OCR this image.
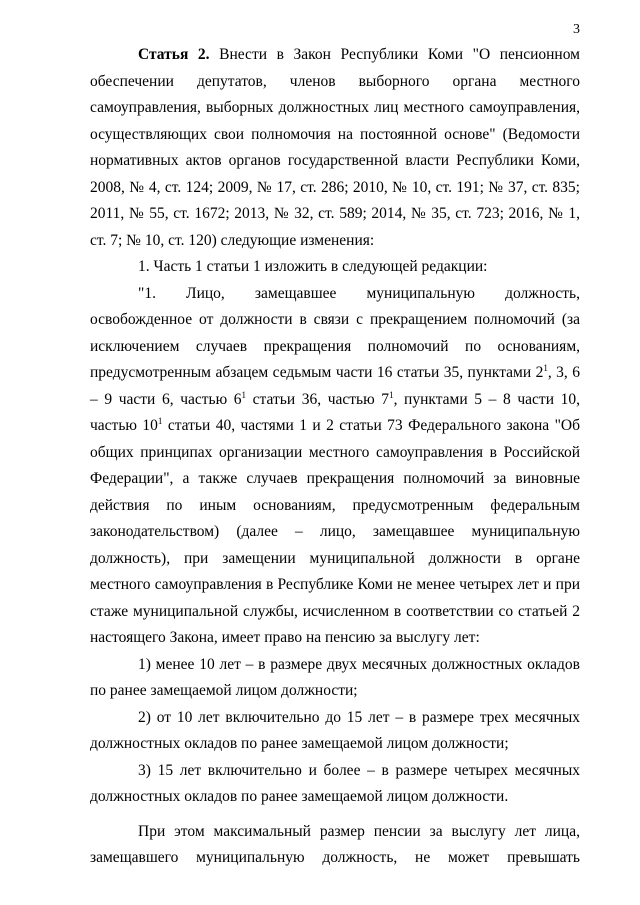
3

Статья 2. Внести в Закон Республики Коми "О пенсионном обеспечении депутатов, членов выборного органа местного самоуправления, выборных должностных лиц местного самоуправления, осуществляющих свои полномочия на постоянной основе" (Ведомости нормативных актов органов государственной власти Республики Коми, 2008, № 4, ст. 124; 2009, № 17, ст. 286; 2010, № 10, ст. 191; № 37, ст. 835; 2011, № 55, ст. 1672; 2013, № 32, ст. 589; 2014, № 35, ст. 723; 2016, № 1, ст. 7; № 10, ст. 120) следующие изменения:

1. Часть 1 статьи 1 изложить в следующей редакции:

"1. Лицо, замещавшее муниципальную должность, освобожденное от должности в связи с прекращением полномочий (за исключением случаев прекращения полномочий по основаниям, предусмотренным абзацем седьмым части 16 статьи 35, пунктами $2^1$, 3, 6 – 9 части 6, частью $6^1$ статьи 36, частью $7^1$, пунктами 5 – 8 части 10, частью $10^1$ статьи 40, частями 1 и 2 статьи 73 Федерального закона "Об общих принципах организации местного самоуправления в Российской Федерации", а также случаев прекращения полномочий за виновные действия по иным основаниям, предусмотренным федеральным законодательством) (далее – лицо, замещавшее муниципальную должность), при замещении муниципальной должности в органе местного самоуправления в Республике Коми не менее четырех лет и при стаже муниципальной службы, исчисленном в соответствии со статьей 2 настоящего Закона, имеет право на пенсию за выслугу лет:

1) менее 10 лет – в размере двух месячных должностных окладов по ранее замещаемой лицом должности;

2) от 10 лет включительно до 15 лет – в размере трех месячных должностных окладов по ранее замещаемой лицом должности;

3) 15 лет включительно и более – в размере четырех месячных должностных окладов по ранее замещаемой лицом должности.

При этом максимальный размер пенсии за выслугу лет лица, замещавшего муниципальную должность, не может превышать
